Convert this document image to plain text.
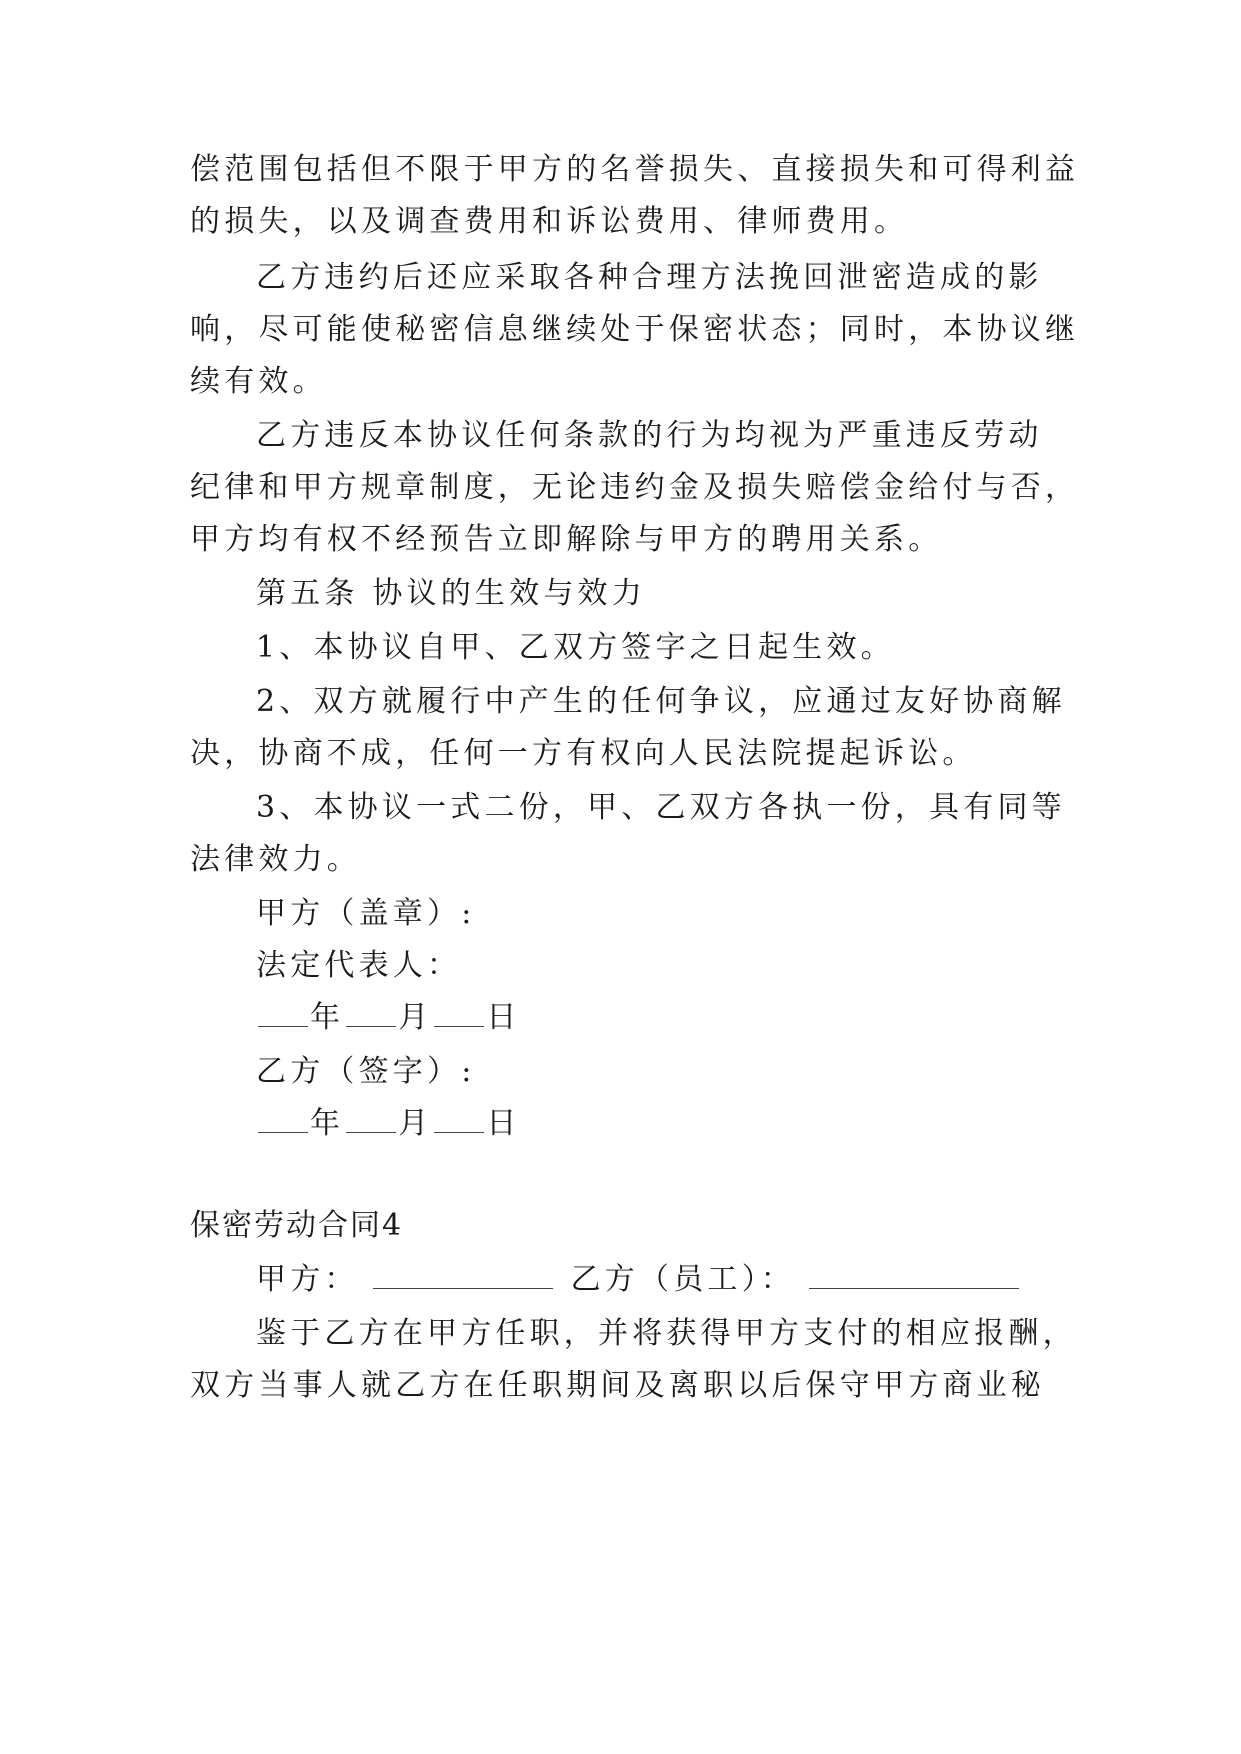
偿范围包括但不限于甲方的名誉损失、直接损失和可得利益
的损失，以及调查费用和诉讼费用、律师费用。
乙方违约后还应采取各种合理方法挽回泄密造成的影
响，尽可能使秘密信息继续处于保密状态；同时，本协议继
续有效。
乙方违反本协议任何条款的行为均视为严重违反劳动
纪律和甲方规章制度，无论违约金及损失赔偿金给付与否，
甲方均有权不经预告立即解除与甲方的聘用关系。
第五条 协议的生效与效力
1、本协议自甲、乙双方签字之日起生效。
2、双方就履行中产生的任何争议，应通过友好协商解
决，协商不成，任何一方有权向人民法院提起诉讼。
3、本协议一式二份，甲、乙双方各执一份，具有同等
法律效力。
甲方（盖章）:
法定代表人：
年 月 日
乙方（签字）:
年 月 日
保密劳动合同4
甲方：	乙方（员工）：
鉴于乙方在甲方任职，并将获得甲方支付的相应报酬，
双方当事人就乙方在任职期间及离职以后保守甲方商业秘
